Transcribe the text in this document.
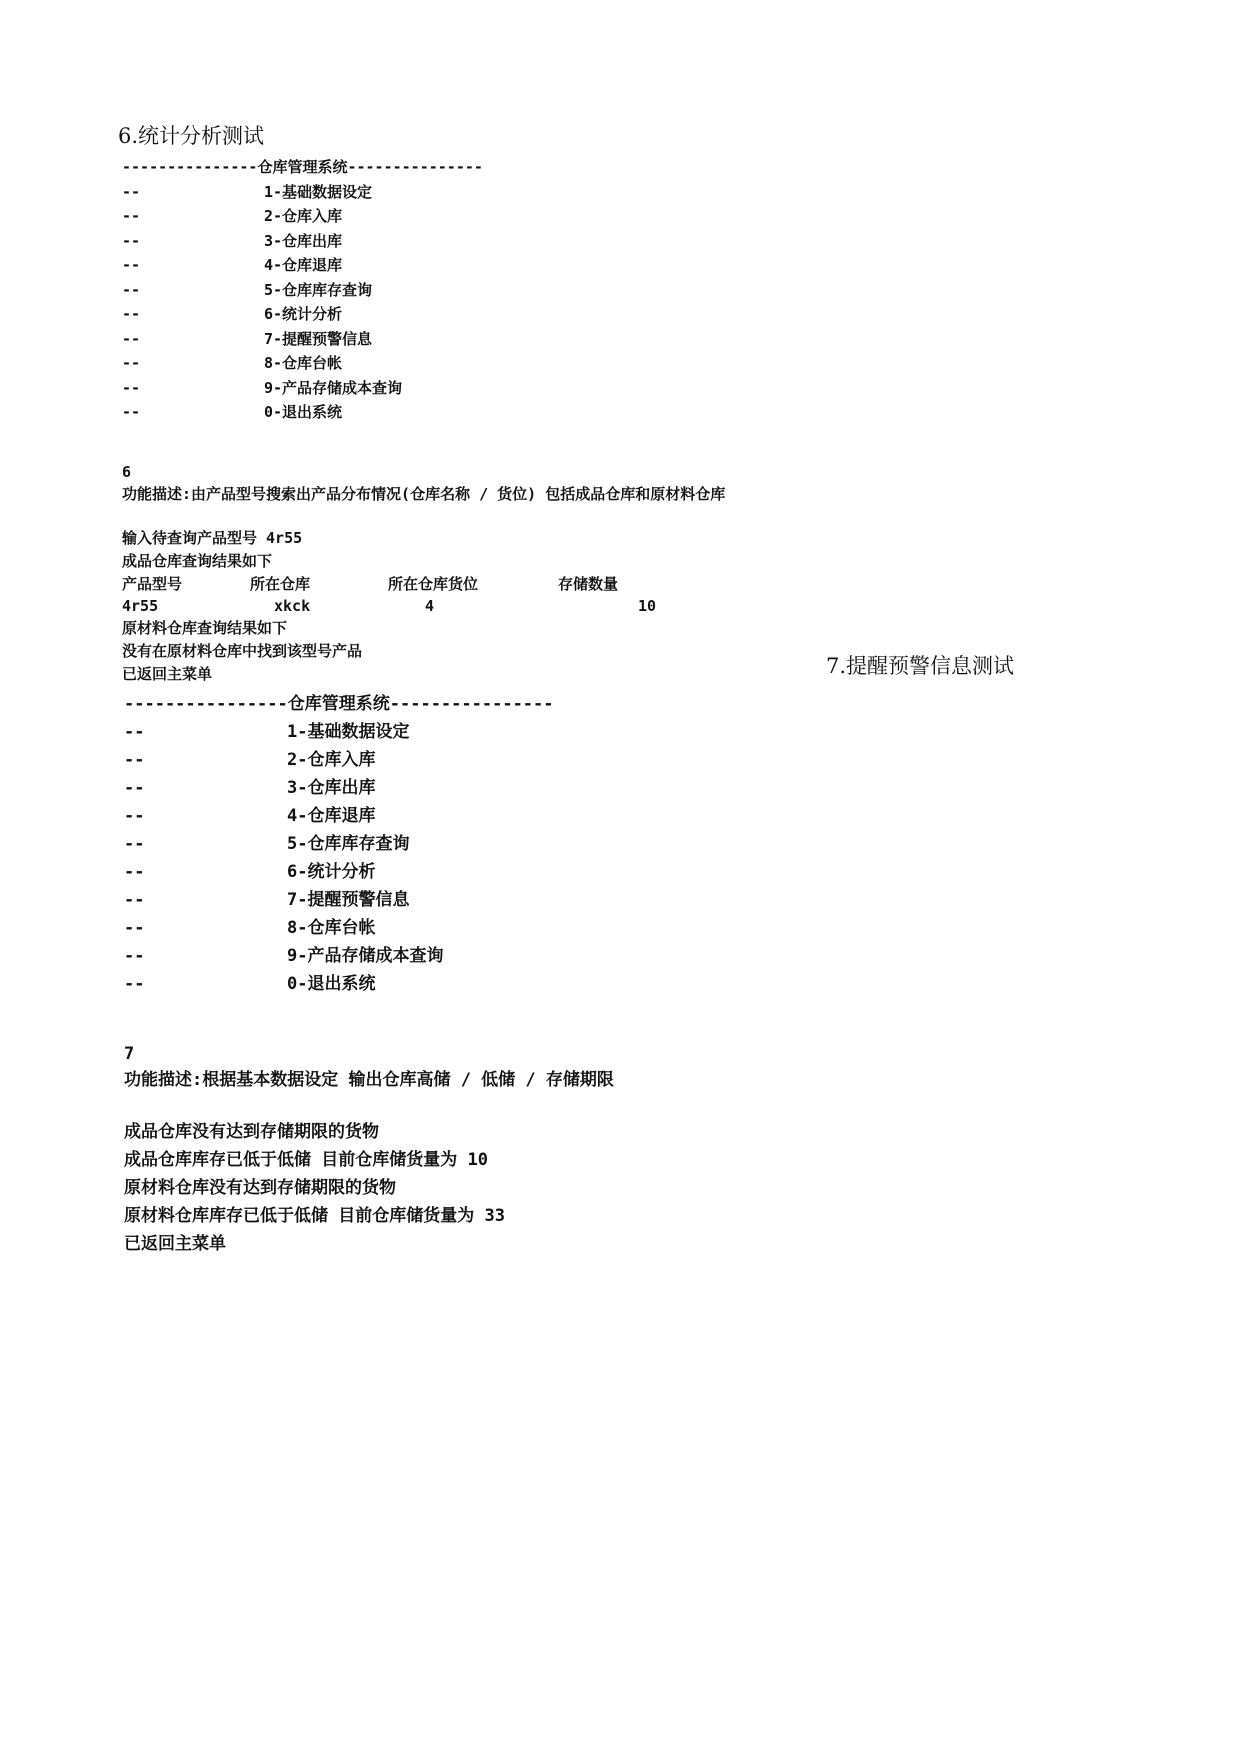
6.统计分析测试
7.提醒预警信息测试
---------------仓库管理系统---------------
--	1-基础数据设定
--	2-仓库入库
--	3-仓库出库
--	4-仓库退库
--	5-仓库库存查询
--	6-统计分析
--	7-提醒预警信息
--	8-仓库台帐
--	9-产品存储成本查询
--	0-退出系统
6
功能描述:由产品型号搜索出产品分布情况(仓库名称 / 货位) 包括成品仓库和原材料仓库
输入待查询产品型号 4r55
成品仓库查询结果如下
产品型号	所在仓库	所在仓库货位	存储数量
4r55	xkck	4	10
原材料仓库查询结果如下
没有在原材料仓库中找到该型号产品
已返回主菜单
----------------仓库管理系统----------------
--	1-基础数据设定
--	2-仓库入库
--	3-仓库出库
--	4-仓库退库
--	5-仓库库存查询
--	6-统计分析
--	7-提醒预警信息
--	8-仓库台帐
--	9-产品存储成本查询
--	0-退出系统
7
功能描述:根据基本数据设定 输出仓库高储 / 低储 / 存储期限
成品仓库没有达到存储期限的货物
成品仓库库存已低于低储 目前仓库储货量为 10
原材料仓库没有达到存储期限的货物
原材料仓库库存已低于低储 目前仓库储货量为 33
已返回主菜单
